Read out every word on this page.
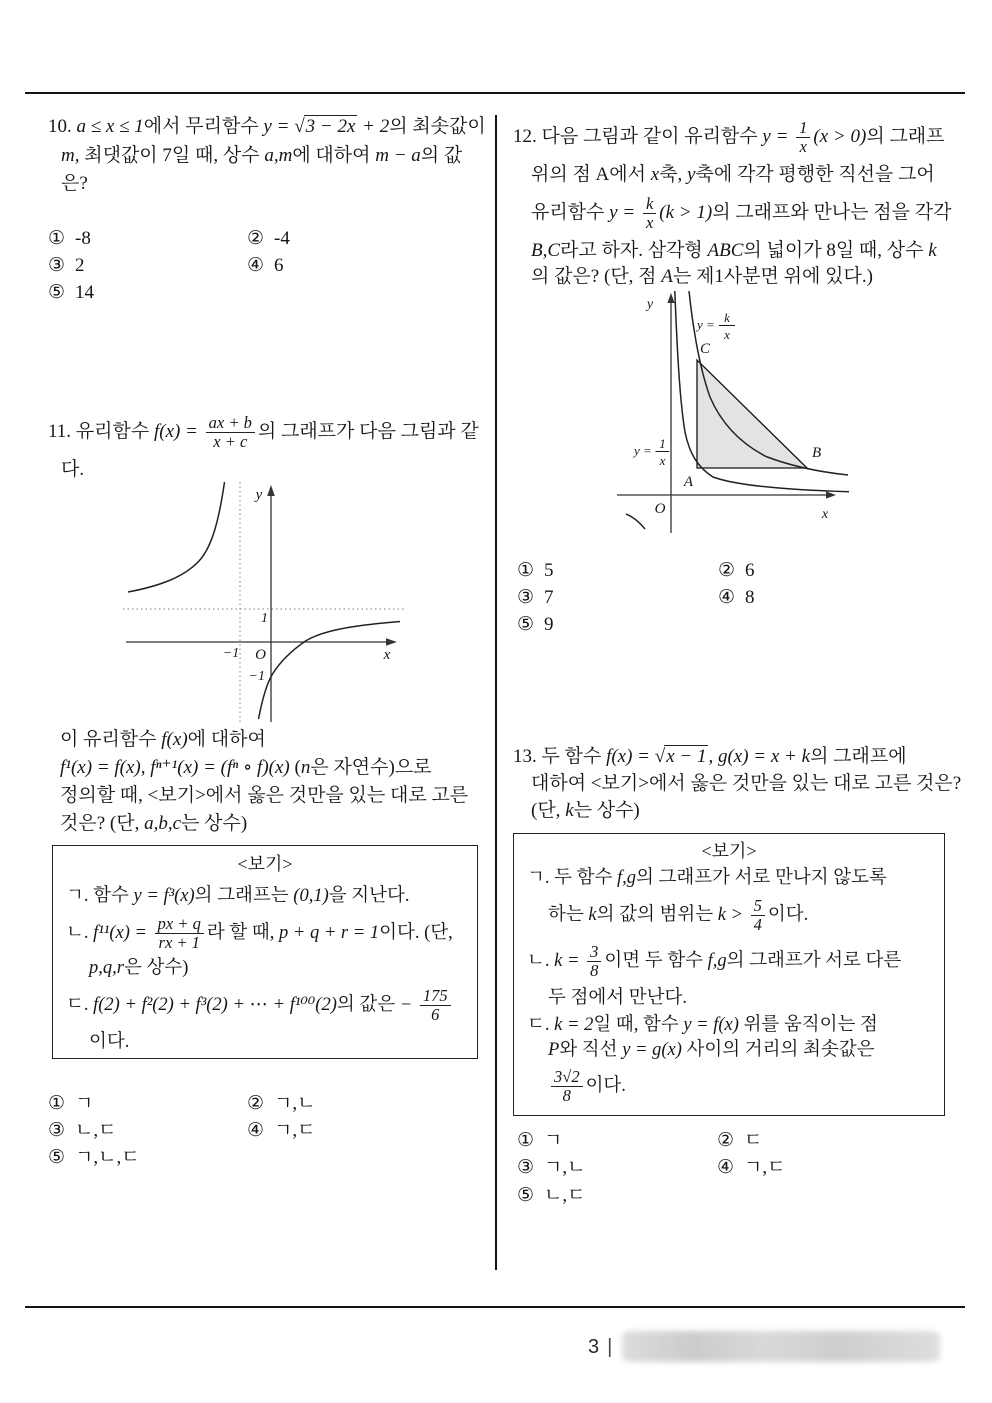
10. a ≤ x ≤ 1에서 무리함수 y = √3 − 2x + 2의 최솟값이
m, 최댓값이 7일 때, 상수 a,m에 대하여 m − a의 값
은?
① -8	② -4
③ 2	④ 6
⑤ 14
11. 유리함수 $f(x) = \frac{ax + b}{x + c}$ 의 그래프가 다음 그림과 같
다.
y
x
O
1
−1
−1
이 유리함수 f(x)에 대하여
f¹(x) = f(x), fⁿ⁺¹(x) = (fⁿ ∘ f)(x) (n은 자연수)으로
정의할 때, <보기>에서 옳은 것만을 있는 대로 고른
것은? (단, a,b,c는 상수)
<보기>
ㄱ. 함수 y = f³(x)의 그래프는 (0,1)을 지난다.
ㄴ. $f^{11}(x) = \frac{px + q}{rx + 1}$ 라 할 때, p + q + r = 1이다. (단,
p,q,r은 상수)
ㄷ. f(2) + f²(2) + f³(2) + ⋯ + f¹⁰⁰(2)의 값은 − $\frac{175}{6}$
이다.
① ㄱ	② ㄱ,ㄴ
③ ㄴ,ㄷ	④ ㄱ,ㄷ
⑤ ㄱ,ㄴ,ㄷ
12. 다음 그림과 같이 유리함수 $y = \frac{1}{x} (x > 0)$의 그래프
위의 점 A에서 x축, y축에 각각 평행한 직선을 그어
유리함수 $y = \frac{k}{x} (k > 1)$의 그래프와 만나는 점을 각각
B,C라고 하자. 삼각형 ABC의 넓이가 8일 때, 상수 k
의 값은? (단, 점 A는 제1사분면 위에 있다.)
y
x
O
A
B
C
y = k
x
y = 1
x
① 5	② 6
③ 7	④ 8
⑤ 9
13. 두 함수 f(x) = √x − 1 , g(x) = x + k의 그래프에
대하여 <보기>에서 옳은 것만을 있는 대로 고른 것은?
(단, k는 상수)
<보기>
ㄱ. 두 함수 f,g의 그래프가 서로 만나지 않도록
하는 k의 값의 범위는 $k > \frac{5}{4}$ 이다.
ㄴ. $k = \frac{3}{8}$ 이면 두 함수 f,g의 그래프가 서로 다른
두 점에서 만난다.
ㄷ. k = 2일 때, 함수 y = f(x) 위를 움직이는 점
P와 직선 y = g(x) 사이의 거리의 최솟값은
$\frac{3√2}{8}$ 이다.
① ㄱ	② ㄷ
③ ㄱ,ㄴ	④ ㄱ,ㄷ
⑤ ㄴ,ㄷ
3 |
